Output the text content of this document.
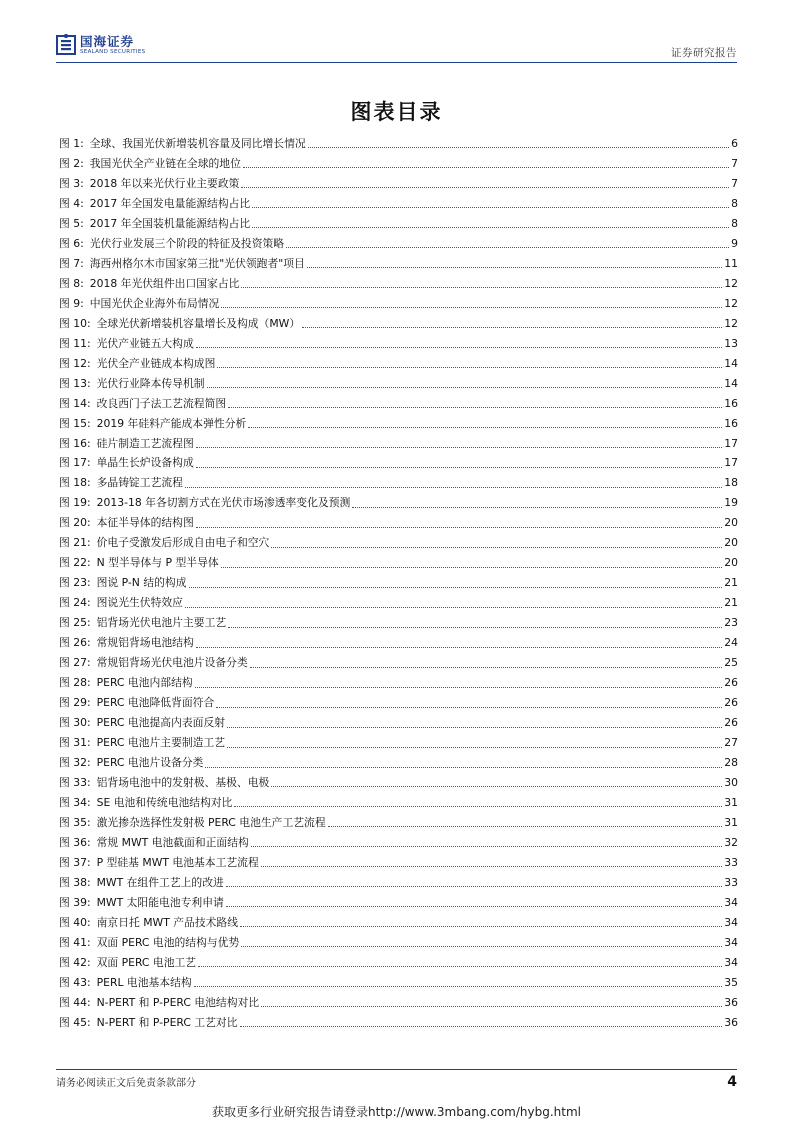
国海证券
SEALAND SECURITIES	证券研究报告
图表目录
图 1: 全球、我国光伏新增装机容量及同比增长情况	6
图 2: 我国光伏全产业链在全球的地位	7
图 3: 2018 年以来光伏行业主要政策	7
图 4: 2017 年全国发电量能源结构占比	8
图 5: 2017 年全国装机量能源结构占比	8
图 6: 光伏行业发展三个阶段的特征及投资策略	9
图 7: 海西州格尔木市国家第三批"光伏领跑者"项目	11
图 8: 2018 年光伏组件出口国家占比	12
图 9: 中国光伏企业海外布局情况	12
图 10: 全球光伏新增装机容量增长及构成（MW）	12
图 11: 光伏产业链五大构成	13
图 12: 光伏全产业链成本构成图	14
图 13: 光伏行业降本传导机制	14
图 14: 改良西门子法工艺流程简图	16
图 15: 2019 年硅料产能成本弹性分析	16
图 16: 硅片制造工艺流程图	17
图 17: 单晶生长炉设备构成	17
图 18: 多晶铸锭工艺流程	18
图 19: 2013-18 年各切割方式在光伏市场渗透率变化及预测	19
图 20: 本征半导体的结构图	20
图 21: 价电子受激发后形成自由电子和空穴	20
图 22: N 型半导体与 P 型半导体	20
图 23: 图说 P-N 结的构成	21
图 24: 图说光生伏特效应	21
图 25: 铝背场光伏电池片主要工艺	23
图 26: 常规铝背场电池结构	24
图 27: 常规铝背场光伏电池片设备分类	25
图 28: PERC 电池内部结构	26
图 29: PERC 电池降低背面符合	26
图 30: PERC 电池提高内表面反射	26
图 31: PERC 电池片主要制造工艺	27
图 32: PERC 电池片设备分类	28
图 33: 铝背场电池中的发射极、基极、电极	30
图 34: SE 电池和传统电池结构对比	31
图 35: 激光掺杂选择性发射极 PERC 电池生产工艺流程	31
图 36: 常规 MWT 电池截面和正面结构	32
图 37: P 型硅基 MWT 电池基本工艺流程	33
图 38: MWT 在组件工艺上的改进	33
图 39: MWT 太阳能电池专利申请	34
图 40: 南京日托 MWT 产品技术路线	34
图 41: 双面 PERC 电池的结构与优势	34
图 42: 双面 PERC 电池工艺	34
图 43: PERL 电池基本结构	35
图 44: N-PERT 和 P-PERC 电池结构对比	36
图 45: N-PERT 和 P-PERC 工艺对比	36
请务必阅读正文后免责条款部分	4
获取更多行业研究报告请登录http://www.3mbang.com/hybg.html
